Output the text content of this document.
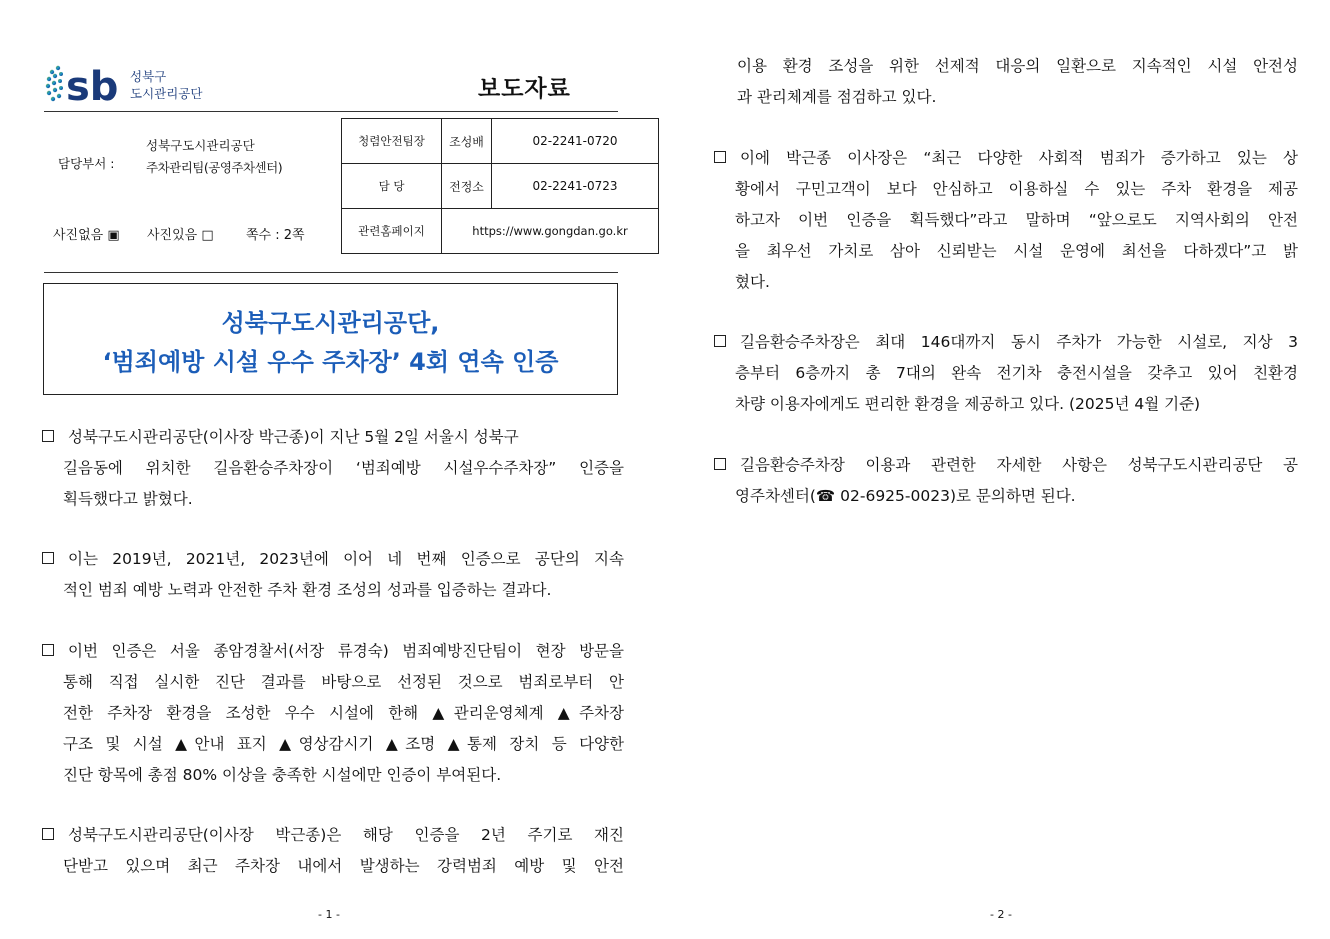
sb 성북구
도시관리공단	보도자료
담당부서 :
성북구도시관리공단
주차관리팀(공영주차센터)
사진없음 ▣ 사진있음 □ 쪽수 : 2쪽
청렴안전팀장	조성배	02-2241-0720
담 당	전정소	02-2241-0723
관련홈페이지	https://www.gongdan.go.kr	
성북구도시관리공단,
‘범죄예방 시설 우수 주차장’ 4회 연속 인증
성북구도시관리공단(이사장 박근종)이 지난 5월 2일 서울시 성북구
길음동에 위치한 길음환승주차장이 ‘범죄예방 시설우수주차장” 인증을
획득했다고 밝혔다.
이는 2019년, 2021년, 2023년에 이어 네 번째 인증으로 공단의 지속
적인 범죄 예방 노력과 안전한 주차 환경 조성의 성과를 입증하는 결과다.
이번 인증은 서울 종암경찰서(서장 류경숙) 범죄예방진단팀이 현장 방문을
통해 직접 실시한 진단 결과를 바탕으로 선정된 것으로 범죄로부터 안
전한 주차장 환경을 조성한 우수 시설에 한해 ▲관리운영체계 ▲주차장
구조 및 시설 ▲안내 표지 ▲영상감시기 ▲조명 ▲통제 장치 등 다양한
진단 항목에 총점 80% 이상을 충족한 시설에만 인증이 부여된다.
성북구도시관리공단(이사장 박근종)은 해당 인증을 2년 주기로 재진
단받고 있으며 최근 주차장 내에서 발생하는 강력범죄 예방 및 안전
- 1 -
이용 환경 조성을 위한 선제적 대응의 일환으로 지속적인 시설 안전성
과 관리체계를 점검하고 있다.
이에 박근종 이사장은 “최근 다양한 사회적 범죄가 증가하고 있는 상
황에서 구민고객이 보다 안심하고 이용하실 수 있는 주차 환경을 제공
하고자 이번 인증을 획득했다”라고 말하며 “앞으로도 지역사회의 안전
을 최우선 가치로 삼아 신뢰받는 시설 운영에 최선을 다하겠다”고 밝
혔다.
길음환승주차장은 최대 146대까지 동시 주차가 가능한 시설로, 지상 3
층부터 6층까지 총 7대의 완속 전기차 충전시설을 갖추고 있어 친환경
차량 이용자에게도 편리한 환경을 제공하고 있다. (2025년 4월 기준)
길음환승주차장 이용과 관련한 자세한 사항은 성북구도시관리공단 공
영주차센터(☎ 02-6925-0023)로 문의하면 된다.
- 2 -
